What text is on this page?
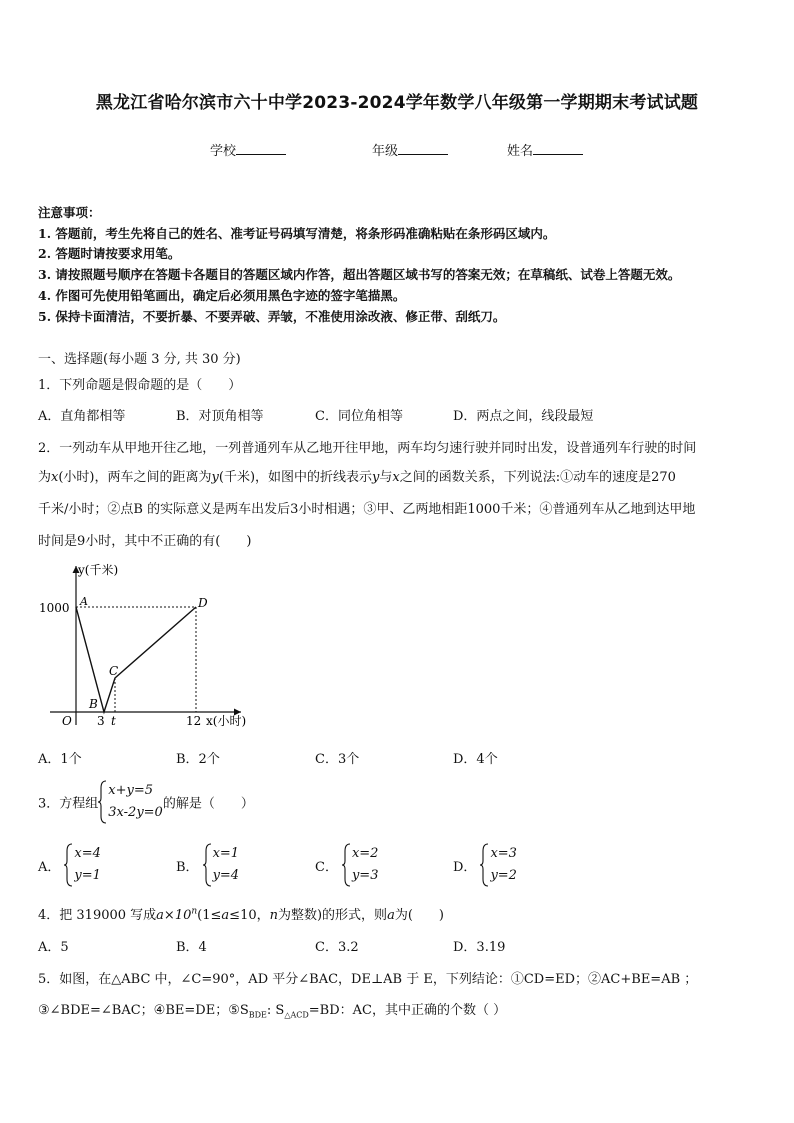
黑龙江省哈尔滨市六十中学2023-2024学年数学八年级第一学期期末考试试题
学校	年级	姓名
注意事项：
1. 答题前，考生先将自己的姓名、准考证号码填写清楚，将条形码准确粘贴在条形码区域内。
2. 答题时请按要求用笔。
3. 请按照题号顺序在答题卡各题目的答题区域内作答，超出答题区域书写的答案无效；在草稿纸、试卷上答题无效。
4. 作图可先使用铅笔画出，确定后必须用黑色字迹的签字笔描黑。
5. 保持卡面清洁，不要折暴、不要弄破、弄皱，不准使用涂改液、修正带、刮纸刀。
一、选择题(每小题 3 分, 共 30 分)
1．下列命题是假命题的是（　　）
A．直角都相等	B．对顶角相等	C．同位角相等	D．两点之间，线段最短
2．一列动车从甲地开往乙地，一列普通列车从乙地开往甲地，两车均匀速行驶并同时出发，设普通列车行驶的时间
为x(小时)，两车之间的距离为y(千米)，如图中的折线表示y与x之间的函数关系，下列说法:①动车的速度是270
千米/小时；②点B 的实际意义是两车出发后3小时相遇；③甲、乙两地相距1000千米；④普通列车从乙地到达甲地
时间是9小时，其中不正确的有(　　)
y(千米)
x(小时)
1000
O 3 t	12
A
B
C
D
A．1个	B．2个	C．3个	D．4个
3．方程组
x+y=5
3x-2y=0
的解是（　　）
A．
x=4
y=1
B．
x=1
y=4
C．
x=2
y=3
D．
x=3
y=2
4．把 319000 写成$a\times 10^n(1\le a\le 10$，n为整数)的形式，则a为(　　)
A．5	B．4	C．3.2	D．3.19
5．如图，在△ABC 中，∠C=90°，AD 平分∠BAC，DE⊥AB 于 E，下列结论：①CD=ED；②AC+BE=AB ；
③∠BDE=∠BAC；④BE=DE；$⑤S_{BDE}$: $S_{\triangle ACD}=BD$：AC，其中正确的个数（ ）
